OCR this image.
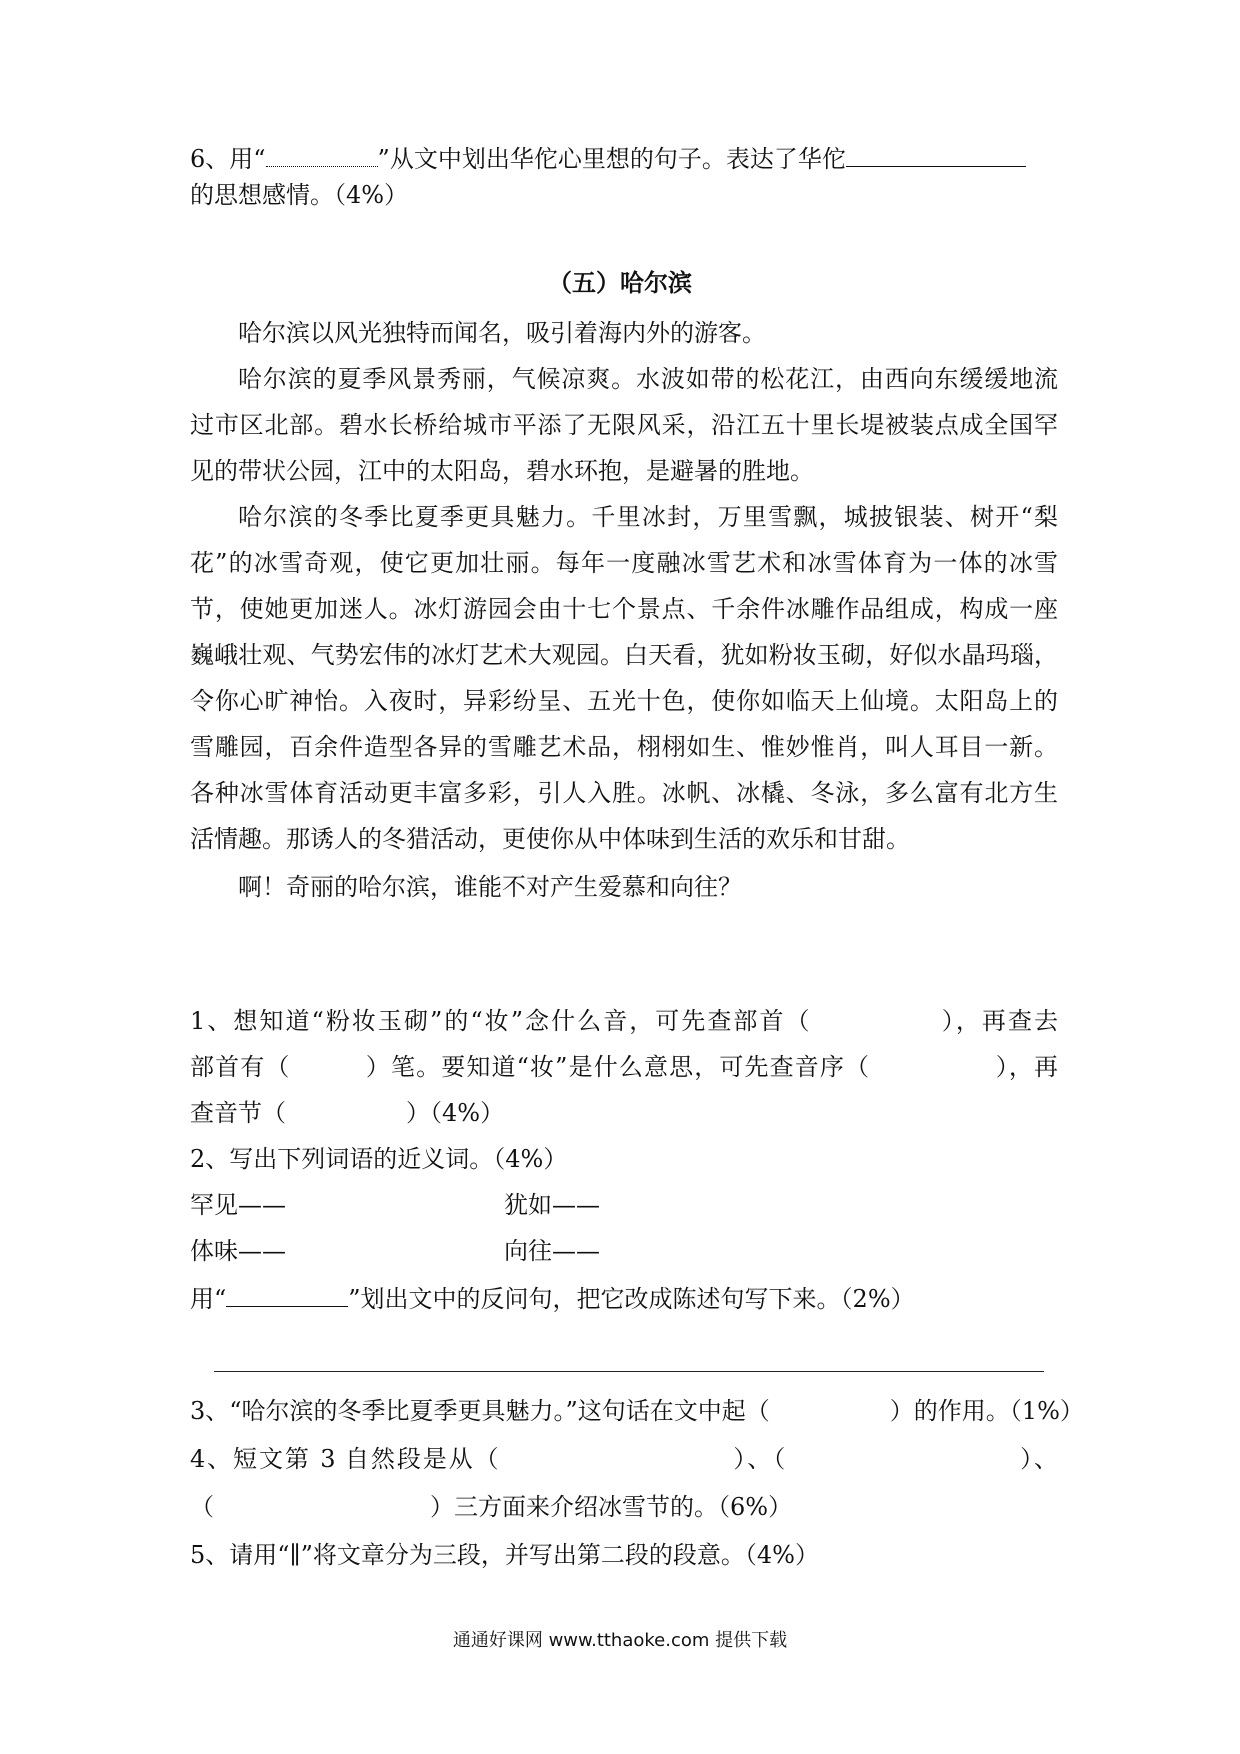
6、用“	”从文中划出华佗心里想的句子。表达了华佗
的思想感情。（4%）
（五）哈尔滨
哈尔滨以风光独特而闻名，吸引着海内外的游客。
哈尔滨的夏季风景秀丽，气候凉爽。水波如带的松花江，由西向东缓缓地流
过市区北部。碧水长桥给城市平添了无限风采，沿江五十里长堤被装点成全国罕
见的带状公园，江中的太阳岛，碧水环抱，是避暑的胜地。
哈尔滨的冬季比夏季更具魅力。千里冰封，万里雪飘，城披银装、树开“梨
花”的冰雪奇观，使它更加壮丽。每年一度融冰雪艺术和冰雪体育为一体的冰雪
节，使她更加迷人。冰灯游园会由十七个景点、千余件冰雕作品组成，构成一座
巍峨壮观、气势宏伟的冰灯艺术大观园。白天看，犹如粉妆玉砌，好似水晶玛瑙，
令你心旷神怡。入夜时，异彩纷呈、五光十色，使你如临天上仙境。太阳岛上的
雪雕园，百余件造型各异的雪雕艺术品，栩栩如生、惟妙惟肖，叫人耳目一新。
各种冰雪体育活动更丰富多彩，引人入胜。冰帆、冰橇、冬泳，多么富有北方生
活情趣。那诱人的冬猎活动，更使你从中体味到生活的欢乐和甘甜。
啊！奇丽的哈尔滨，谁能不对产生爱慕和向往？
1、想知道“粉妆玉砌”的“妆”念什么音，可先查部首（　　　　　），再查去
部首有（　　　）笔。要知道“妆”是什么意思，可先查音序（　　　　　），再
查音节（　　　　　）（4%）
2、写出下列词语的近义词。（4%）
罕见——	犹如——
体味——	向往——
用“	”划出文中的反问句，把它改成陈述句写下来。（2%）
3、“哈尔滨的冬季比夏季更具魅力。”这句话在文中起（　　　　　）的作用。（1%）
4、短文第 3 自然段是从（　　　　　　　　　）、（　　　　　　　　　）、
（　　　　　　　　　）三方面来介绍冰雪节的。（6%）
5、请用“∥”将文章分为三段，并写出第二段的段意。（4%）
通通好课网 www.tthaoke.com 提供下载
